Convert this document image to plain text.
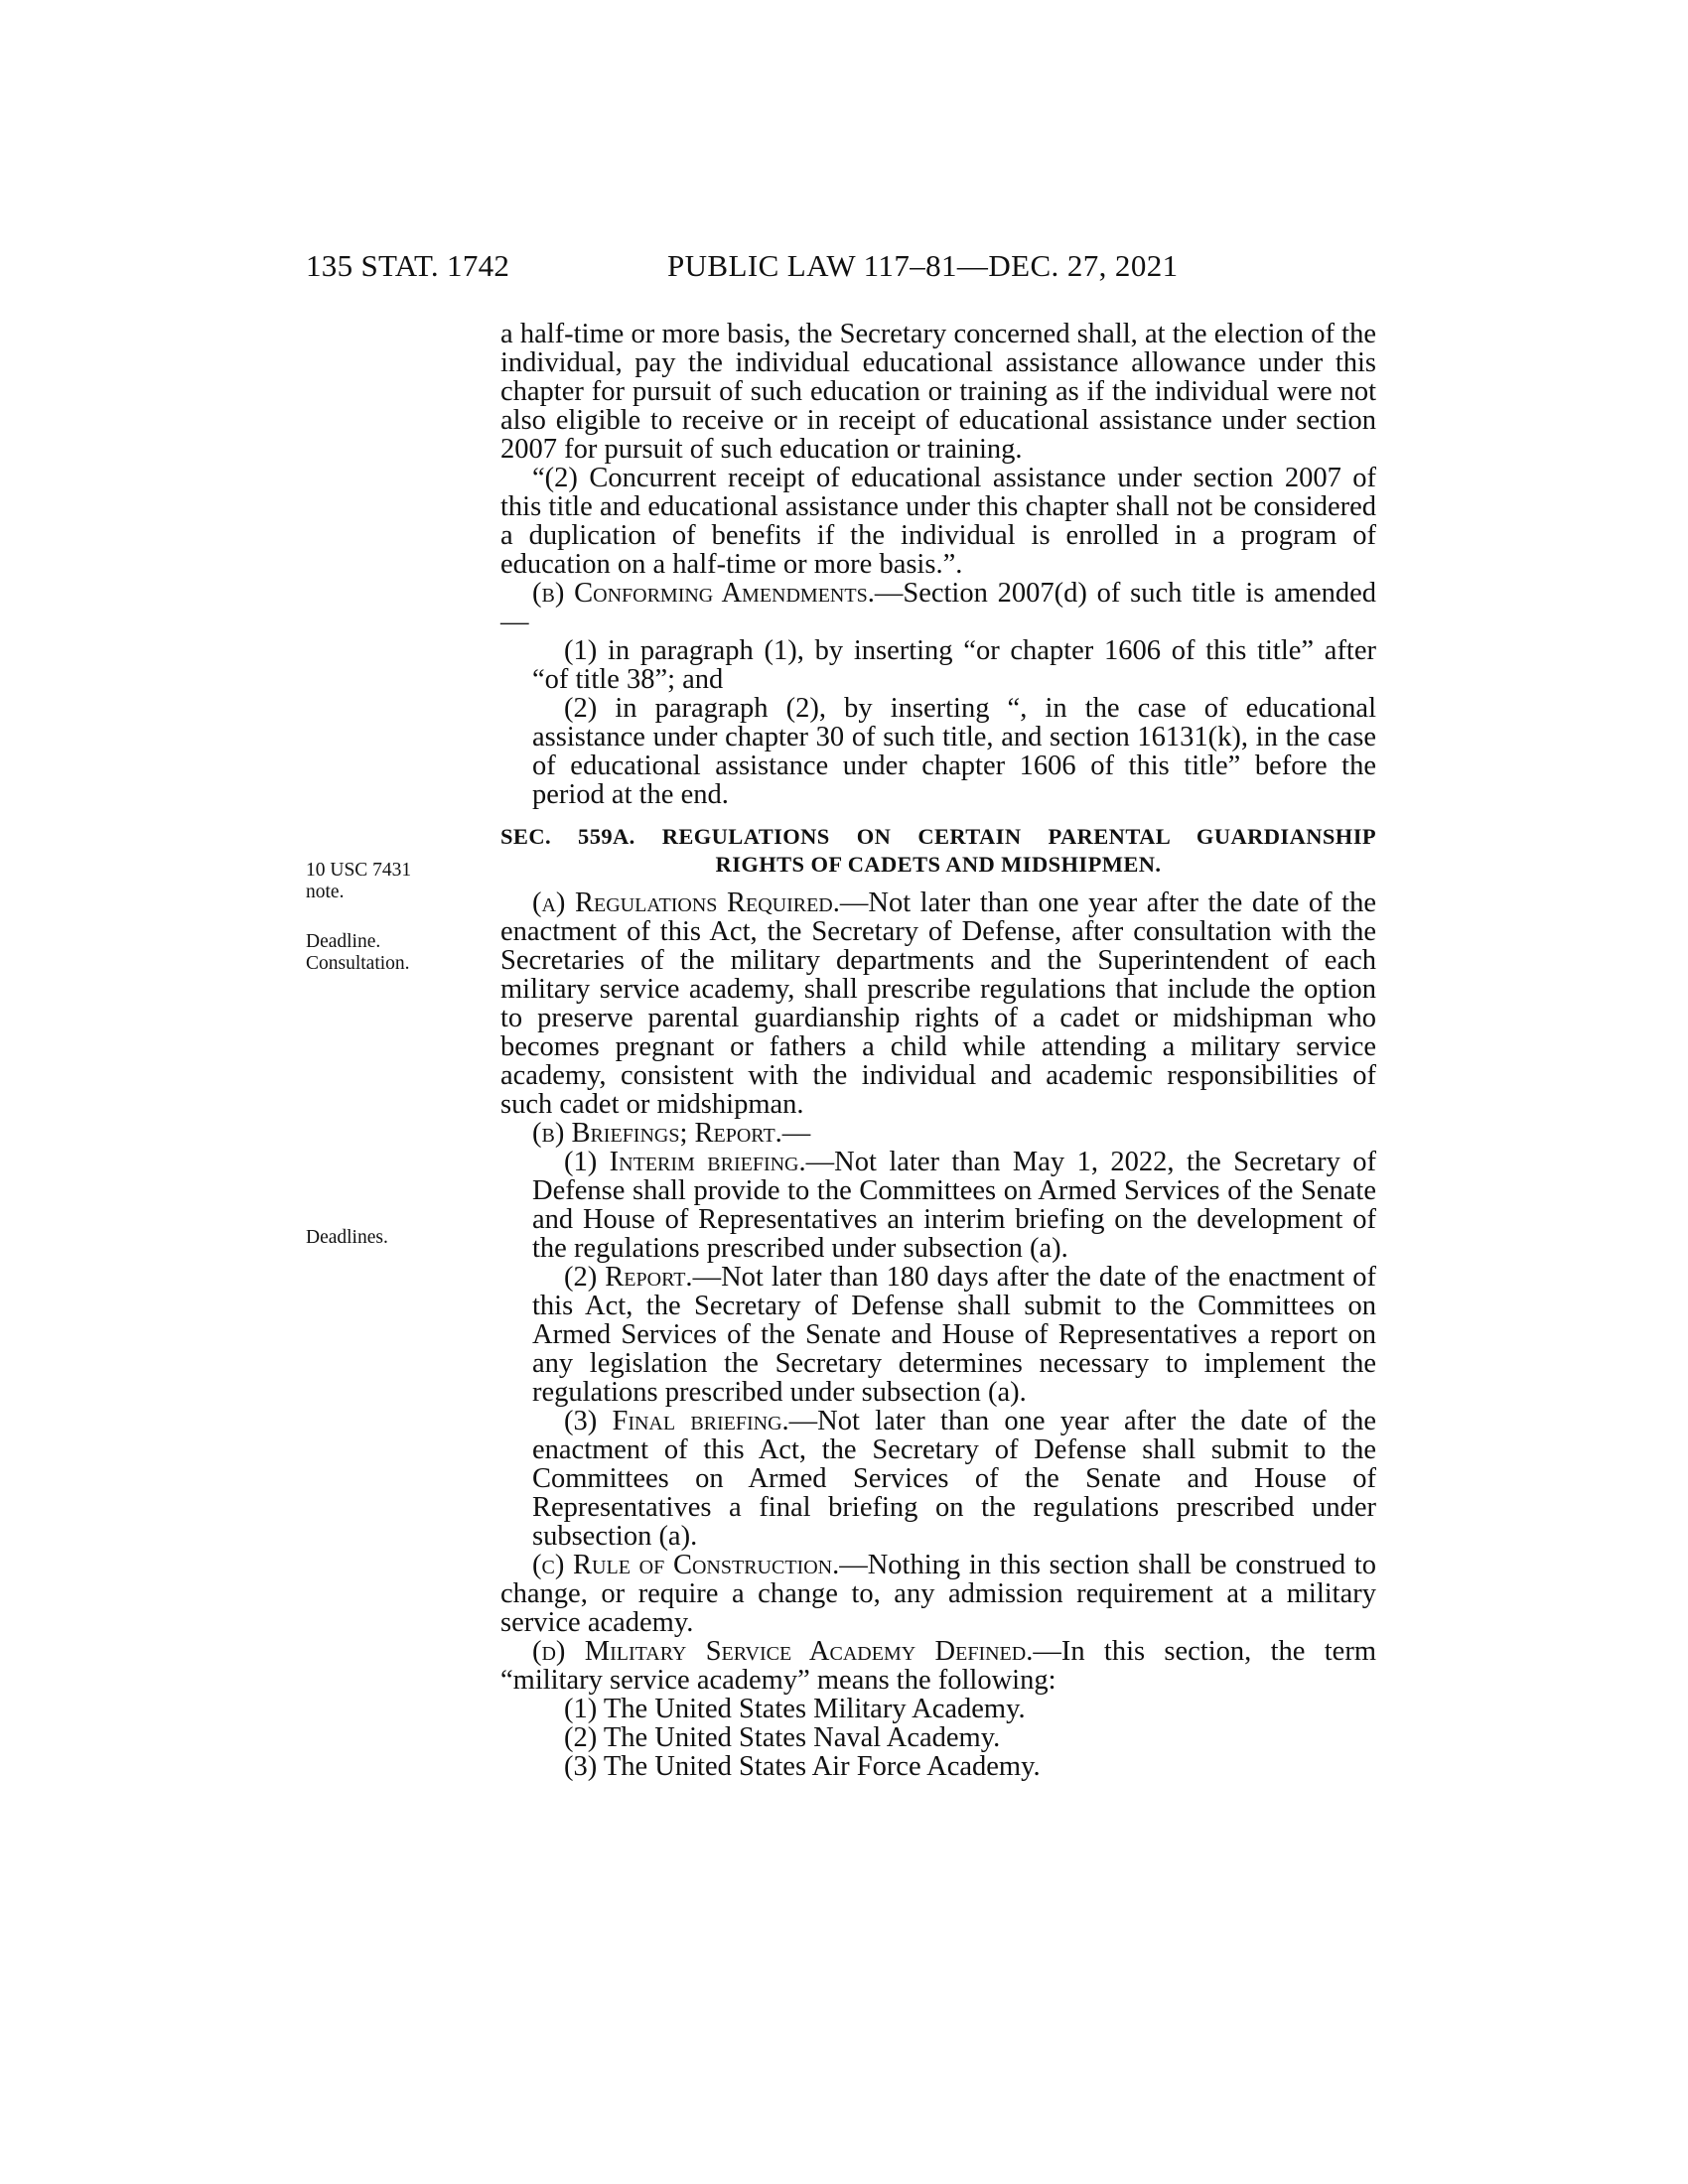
135 STAT. 1742	PUBLIC LAW 117–81—DEC. 27, 2021
10 USC 7431
note.
Deadline.
Consultation.
Deadlines.

a half-time or more basis, the Secretary concerned shall, at the election of the individual, pay the individual educational assistance allowance under this chapter for pursuit of such education or training as if the individual were not also eligible to receive or in receipt of educational assistance under section 2007 for pursuit of such education or training.

“(2) Concurrent receipt of educational assistance under section 2007 of this title and educational assistance under this chapter shall not be considered a duplication of benefits if the individual is enrolled in a program of education on a half-time or more basis.”.

(b) Conforming Amendments.—Section 2007(d) of such title is amended—

(1) in paragraph (1), by inserting “or chapter 1606 of this title” after “of title 38”; and

(2) in paragraph (2), by inserting “, in the case of educational assistance under chapter 30 of such title, and section 16131(k), in the case of educational assistance under chapter 1606 of this title” before the period at the end.

SEC. 559A. REGULATIONS ON CERTAIN PARENTAL GUARDIANSHIP
RIGHTS OF CADETS AND MIDSHIPMEN.

(a) Regulations Required.—Not later than one year after the date of the enactment of this Act, the Secretary of Defense, after consultation with the Secretaries of the military departments and the Superintendent of each military service academy, shall prescribe regulations that include the option to preserve parental guardianship rights of a cadet or midshipman who becomes pregnant or fathers a child while attending a military service academy, consistent with the individual and academic responsibilities of such cadet or midshipman.

(b) Briefings; Report.—

(1) Interim briefing.—Not later than May 1, 2022, the Secretary of Defense shall provide to the Committees on Armed Services of the Senate and House of Representatives an interim briefing on the development of the regulations prescribed under subsection (a).

(2) Report.—Not later than 180 days after the date of the enactment of this Act, the Secretary of Defense shall submit to the Committees on Armed Services of the Senate and House of Representatives a report on any legislation the Secretary determines necessary to implement the regulations prescribed under subsection (a).

(3) Final briefing.—Not later than one year after the date of the enactment of this Act, the Secretary of Defense shall submit to the Committees on Armed Services of the Senate and House of Representatives a final briefing on the regulations prescribed under subsection (a).

(c) Rule of Construction.—Nothing in this section shall be construed to change, or require a change to, any admission requirement at a military service academy.

(d) Military Service Academy Defined.—In this section, the term “military service academy” means the following:

(1) The United States Military Academy.

(2) The United States Naval Academy.

(3) The United States Air Force Academy.
